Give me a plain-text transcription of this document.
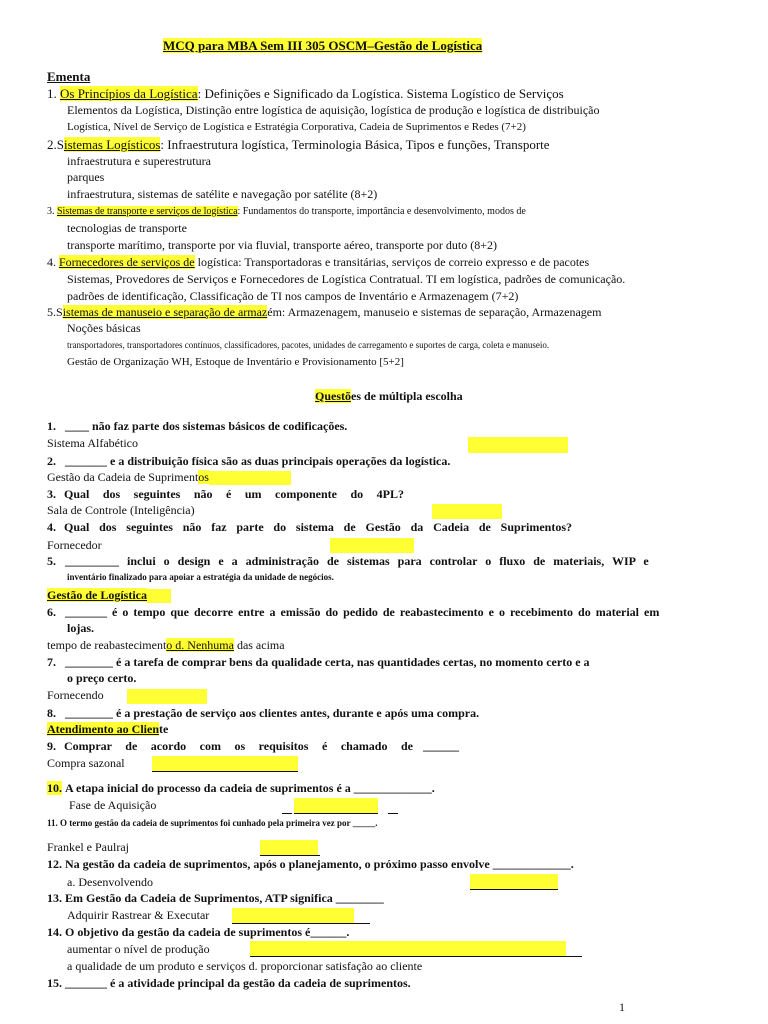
MCQ para MBA Sem III 305 OSCM–Gestão de Logística
Ementa
1. Os Princípios da Logística: Definições e Significado da Logística. Sistema Logístico de Serviços
Elementos da Logística, Distinção entre logística de aquisição, logística de produção e logística de distribuição
Logística, Nível de Serviço de Logística e Estratégia Corporativa, Cadeia de Suprimentos e Redes (7+2)
2.Sistemas Logísticos: Infraestrutura logística, Terminologia Básica, Tipos e funções, Transporte
infraestrutura e superestrutura
parques
infraestrutura, sistemas de satélite e navegação por satélite (8+2)
3. Sistemas de transporte e serviços de logística: Fundamentos do transporte, importância e desenvolvimento, modos de
tecnologias de transporte
transporte marítimo, transporte por via fluvial, transporte aéreo, transporte por duto (8+2)
4. Fornecedores de serviços de logística: Transportadoras e transitárias, serviços de correio expresso e de pacotes
Sistemas, Provedores de Serviços e Fornecedores de Logística Contratual. TI em logística, padrões de comunicação.
padrões de identificação, Classificação de TI nos campos de Inventário e Armazenagem (7+2)
5.Sistemas de manuseio e separação de armazém: Armazenagem, manuseio e sistemas de separação, Armazenagem
Noções básicas
transportadores, transportadores contínuos, classificadores, pacotes, unidades de carregamento e suportes de carga, coleta e manuseio.
Gestão de Organização WH, Estoque de Inventário e Provisionamento [5+2]
Questões de múltipla escolha
1. ____ não faz parte dos sistemas básicos de codificações.
Sistema Alfabético
2. _______ e a distribuição física são as duas principais operações da logística.
Gestão da Cadeia de Suprimentos
3. Qual dos seguintes não é um componente do 4PL?
Sala de Controle (Inteligência)
4. Qual dos seguintes não faz parte do sistema de Gestão da Cadeia de Suprimentos?
Fornecedor
5. _________ inclui o design e a administração de sistemas para controlar o fluxo de materiais, WIP e
inventário finalizado para apoiar a estratégia da unidade de negócios.
Gestão de Logística
6. _______ é o tempo que decorre entre a emissão do pedido de reabastecimento e o recebimento do material em
lojas.
tempo de reabastecimento d. Nenhuma das acima
7. ________ é a tarefa de comprar bens da qualidade certa, nas quantidades certas, no momento certo e a
o preço certo.
Fornecendo
8. ________ é a prestação de serviço aos clientes antes, durante e após uma compra.
Atendimento ao Cliente
9. Comprar de acordo com os requisitos é chamado de ______
Compra sazonal
10. A etapa inicial do processo da cadeia de suprimentos é a _____________.
Fase de Aquisição
11. O termo gestão da cadeia de suprimentos foi cunhado pela primeira vez por _____.
Frankel e Paulraj
12. Na gestão da cadeia de suprimentos, após o planejamento, o próximo passo envolve _____________.
a. Desenvolvendo
13. Em Gestão da Cadeia de Suprimentos, ATP significa ________
Adquirir Rastrear & Executar
14. O objetivo da gestão da cadeia de suprimentos é______.
aumentar o nível de produção
a qualidade de um produto e serviços d. proporcionar satisfação ao cliente
15. _______ é a atividade principal da gestão da cadeia de suprimentos.
1
